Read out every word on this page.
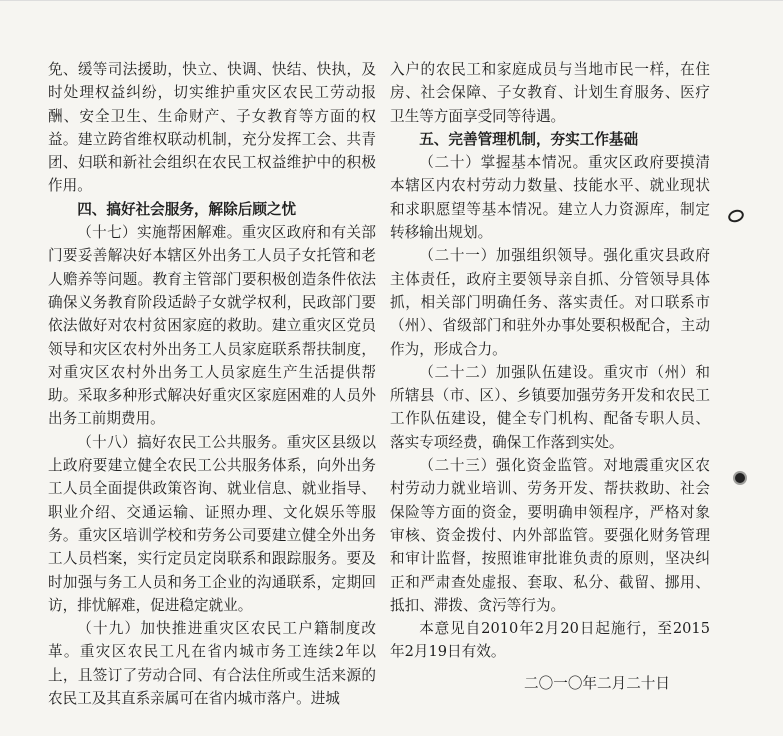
免、缓等司法援助，快立、快调、快结、快执，及时处理权益纠纷，切实维护重灾区农民工劳动报酬、安全卫生、生命财产、子女教育等方面的权益。建立跨省维权联动机制，充分发挥工会、共青团、妇联和新社会组织在农民工权益维护中的积极作用。

四、搞好社会服务，解除后顾之忧

（十七）实施帮困解难。重灾区政府和有关部门要妥善解决好本辖区外出务工人员子女托管和老人赡养等问题。教育主管部门要积极创造条件依法确保义务教育阶段适龄子女就学权利，民政部门要依法做好对农村贫困家庭的救助。建立重灾区党员领导和灾区农村外出务工人员家庭联系帮扶制度，对重灾区农村外出务工人员家庭生产生活提供帮助。采取多种形式解决好重灾区家庭困难的人员外出务工前期费用。

（十八）搞好农民工公共服务。重灾区县级以上政府要建立健全农民工公共服务体系，向外出务工人员全面提供政策咨询、就业信息、就业指导、职业介绍、交通运输、证照办理、文化娱乐等服务。重灾区培训学校和劳务公司要建立健全外出务工人员档案，实行定员定岗联系和跟踪服务。要及时加强与务工人员和务工企业的沟通联系，定期回访，排忧解难，促进稳定就业。

（十九）加快推进重灾区农民工户籍制度改革。重灾区农民工凡在省内城市务工连续2年以上，且签订了劳动合同、有合法住所或生活来源的农民工及其直系亲属可在省内城市落户。进城

入户的农民工和家庭成员与当地市民一样，在住房、社会保障、子女教育、计划生育服务、医疗卫生等方面享受同等待遇。

五、完善管理机制，夯实工作基础

（二十）掌握基本情况。重灾区政府要摸清本辖区内农村劳动力数量、技能水平、就业现状和求职愿望等基本情况。建立人力资源库，制定转移输出规划。

（二十一）加强组织领导。强化重灾县政府主体责任，政府主要领导亲自抓、分管领导具体抓，相关部门明确任务、落实责任。对口联系市（州）、省级部门和驻外办事处要积极配合，主动作为，形成合力。

（二十二）加强队伍建设。重灾市（州）和所辖县（市、区）、乡镇要加强劳务开发和农民工工作队伍建设，健全专门机构、配备专职人员、落实专项经费，确保工作落到实处。

（二十三）强化资金监管。对地震重灾区农村劳动力就业培训、劳务开发、帮扶救助、社会保险等方面的资金，要明确申领程序，严格对象审核、资金拨付、内外部监管。要强化财务管理和审计监督，按照谁审批谁负责的原则，坚决纠正和严肃查处虚报、套取、私分、截留、挪用、抵扣、滞拨、贪污等行为。

本意见自2010年2月20日起施行，至2015 年2月19日有效。

二〇一〇年二月二十日
